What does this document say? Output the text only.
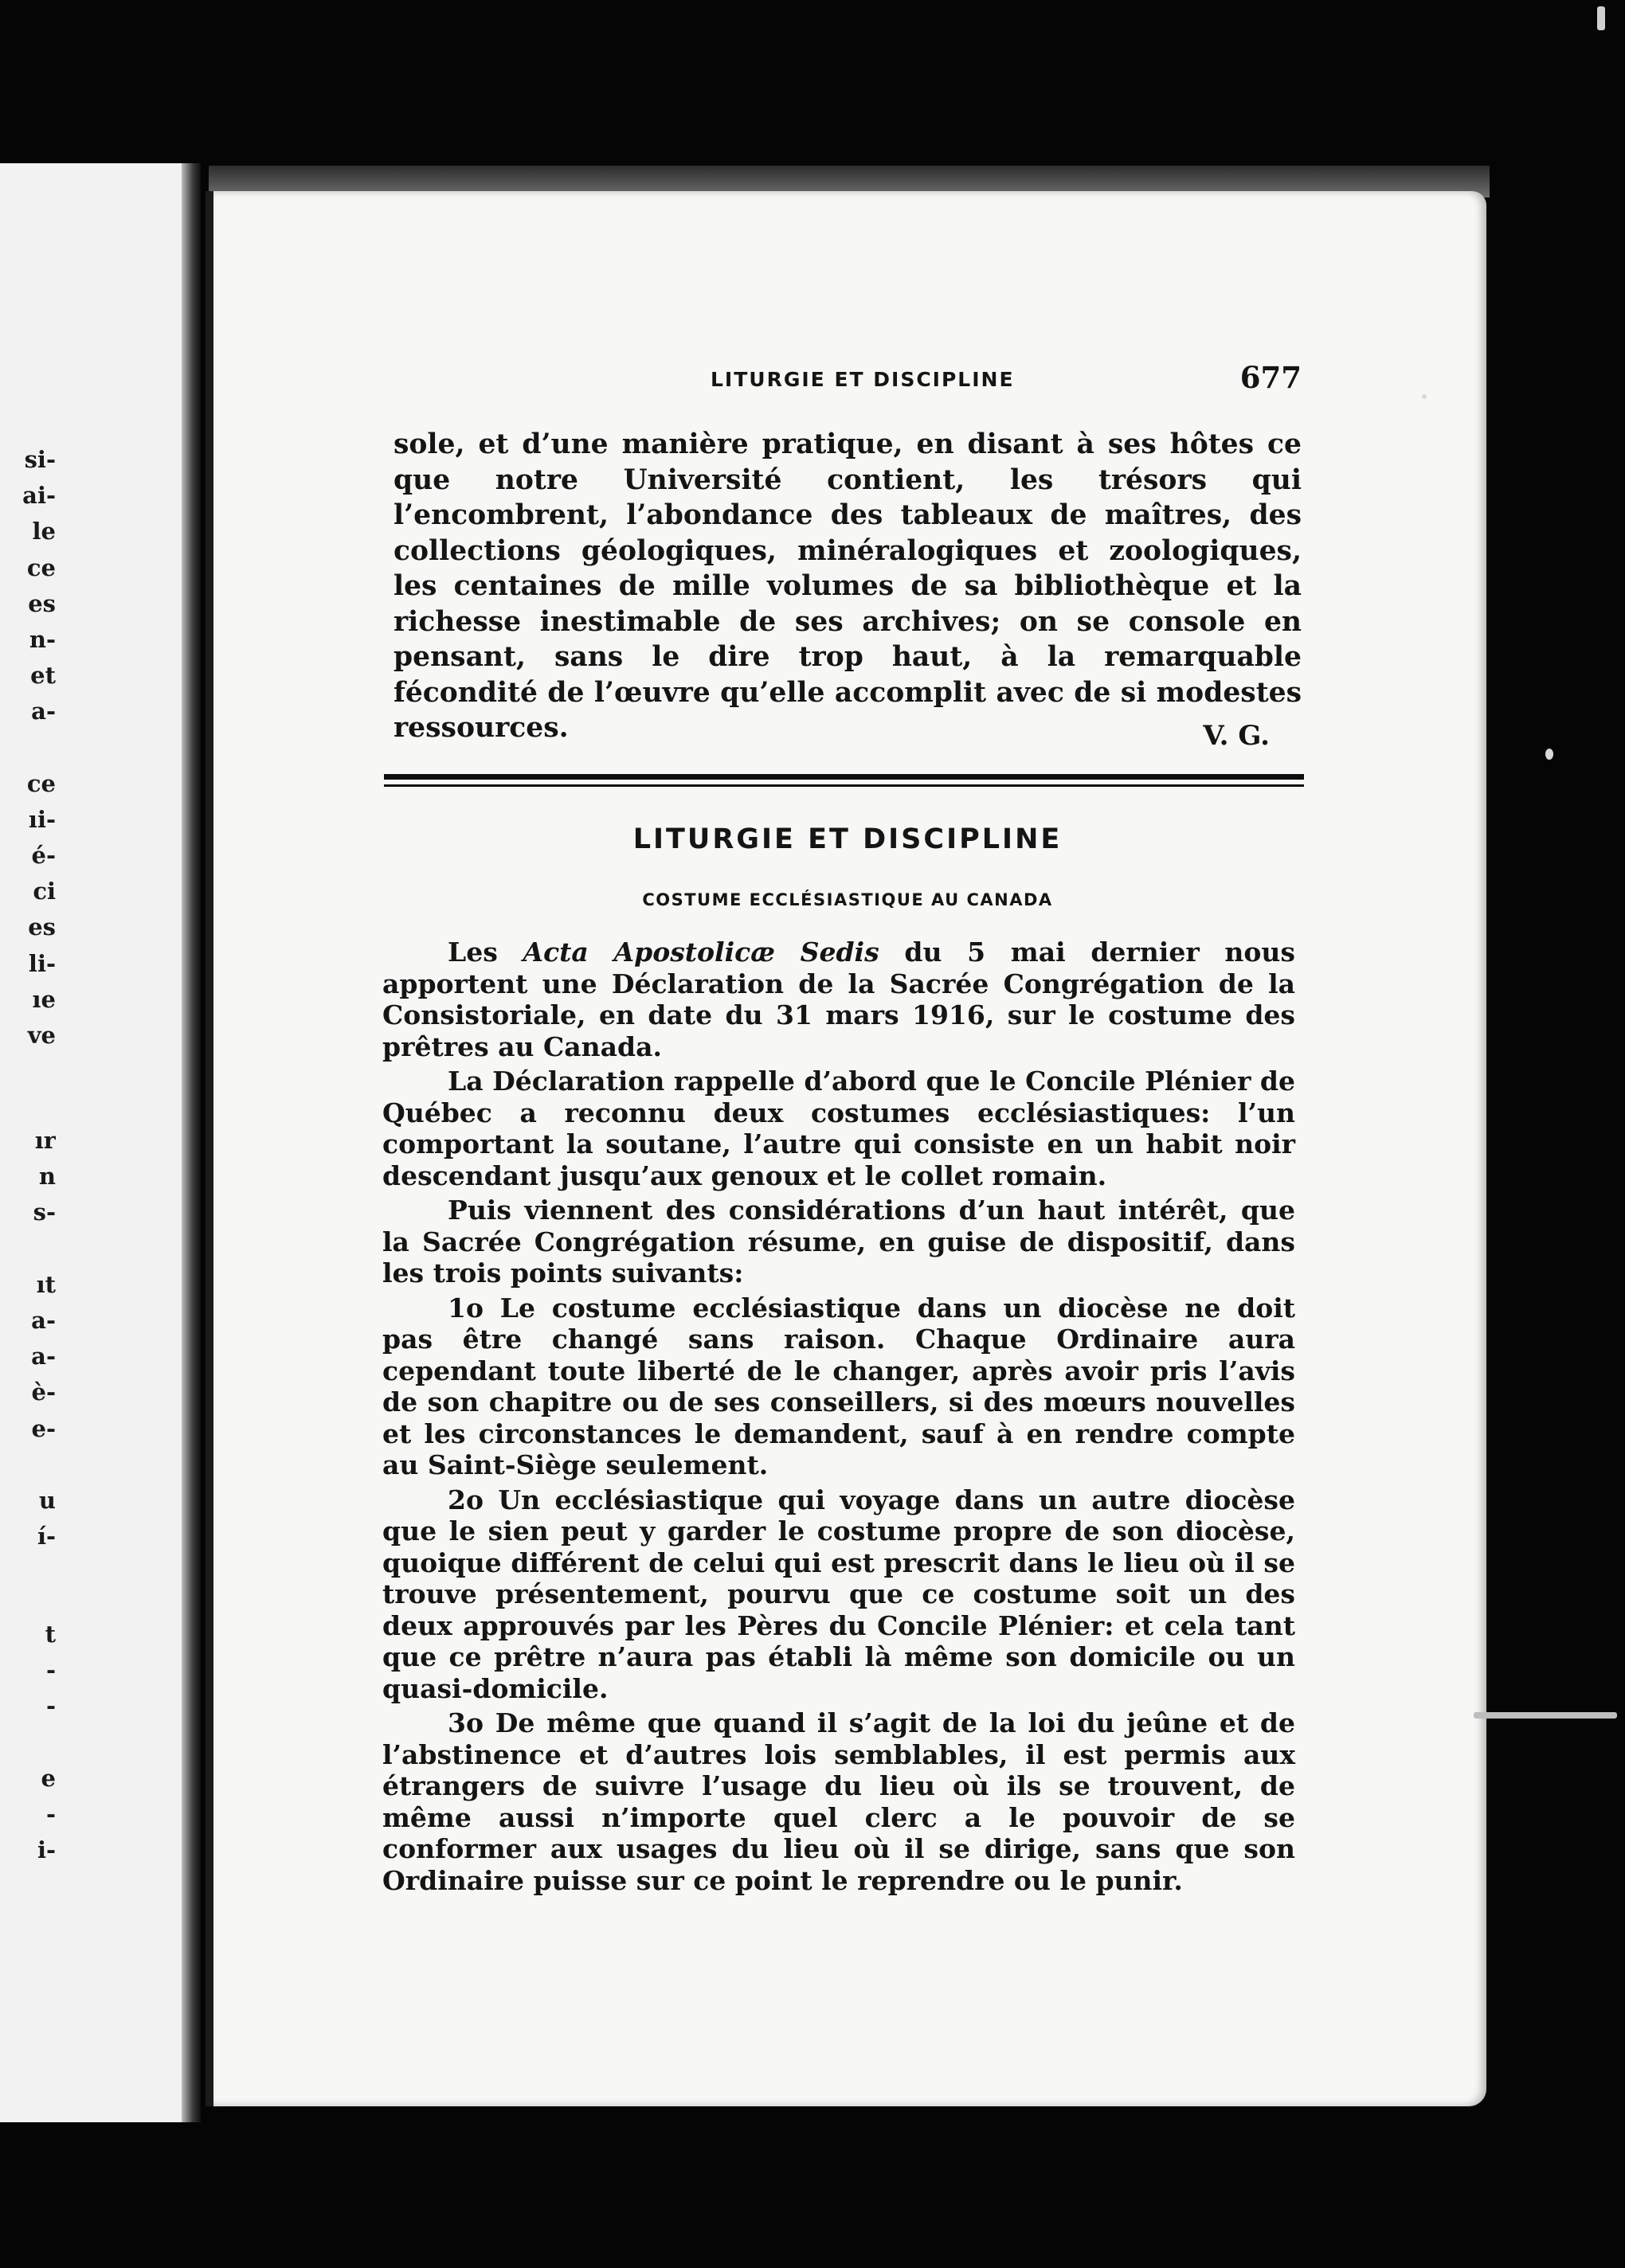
si-
ai-
le
ce
es
n-
et
a-
ce
ıi-
é-
ci
es
li-
ıe
ve
ır
n
s-
ıt
a-
a-
è-
e-
u
í-
t
-
-
e
-
i-
LITURGIE ET DISCIPLINE	677

sole, et d’une manière pratique, en disant à ses hôtes ce que notre Université contient, les trésors qui l’encombrent, l’abondance des tableaux de maîtres, des collections géologiques, minéralogiques et zoologiques, les centaines de mille volumes de sa bibliothèque et la richesse inestimable de ses archives; on se console en pensant, sans le dire trop haut, à la remarquable fécondité de l’œuvre qu’elle accomplit avec de si modestes ressources.	V. G.
LITURGIE ET DISCIPLINE
COSTUME ECCLÉSIASTIQUE AU CANADA

Les Acta Apostolicæ Sedis du 5 mai dernier nous apportent une Déclaration de la Sacrée Congrégation de la Consistoriale, en date du 31 mars 1916, sur le costume des prêtres au Canada.

La Déclaration rappelle d’abord que le Concile Plénier de Québec a reconnu deux costumes ecclésiastiques: l’un comportant la soutane, l’autre qui consiste en un habit noir descendant jusqu’aux genoux et le collet romain.

Puis viennent des considérations d’un haut intérêt, que la Sacrée Congrégation résume, en guise de dispositif, dans les trois points suivants:

1o Le costume ecclésiastique dans un diocèse ne doit pas être changé sans raison. Chaque Ordinaire aura cependant toute liberté de le changer, après avoir pris l’avis de son chapitre ou de ses conseillers, si des mœurs nouvelles et les circonstances le demandent, sauf à en rendre compte au Saint-Siège seulement.

2o Un ecclésiastique qui voyage dans un autre diocèse que le sien peut y garder le costume propre de son diocèse, quoique différent de celui qui est prescrit dans le lieu où il se trouve présentement, pourvu que ce costume soit un des deux approuvés par les Pères du Concile Plénier: et cela tant que ce prêtre n’aura pas établi là même son domicile ou un quasi-domicile.

3o De même que quand il s’agit de la loi du jeûne et de l’abstinence et d’autres lois semblables, il est permis aux étrangers de suivre l’usage du lieu où ils se trouvent, de même aussi n’importe quel clerc a le pouvoir de se conformer aux usages du lieu où il se dirige, sans que son Ordinaire puisse sur ce point le reprendre ou le punir.
